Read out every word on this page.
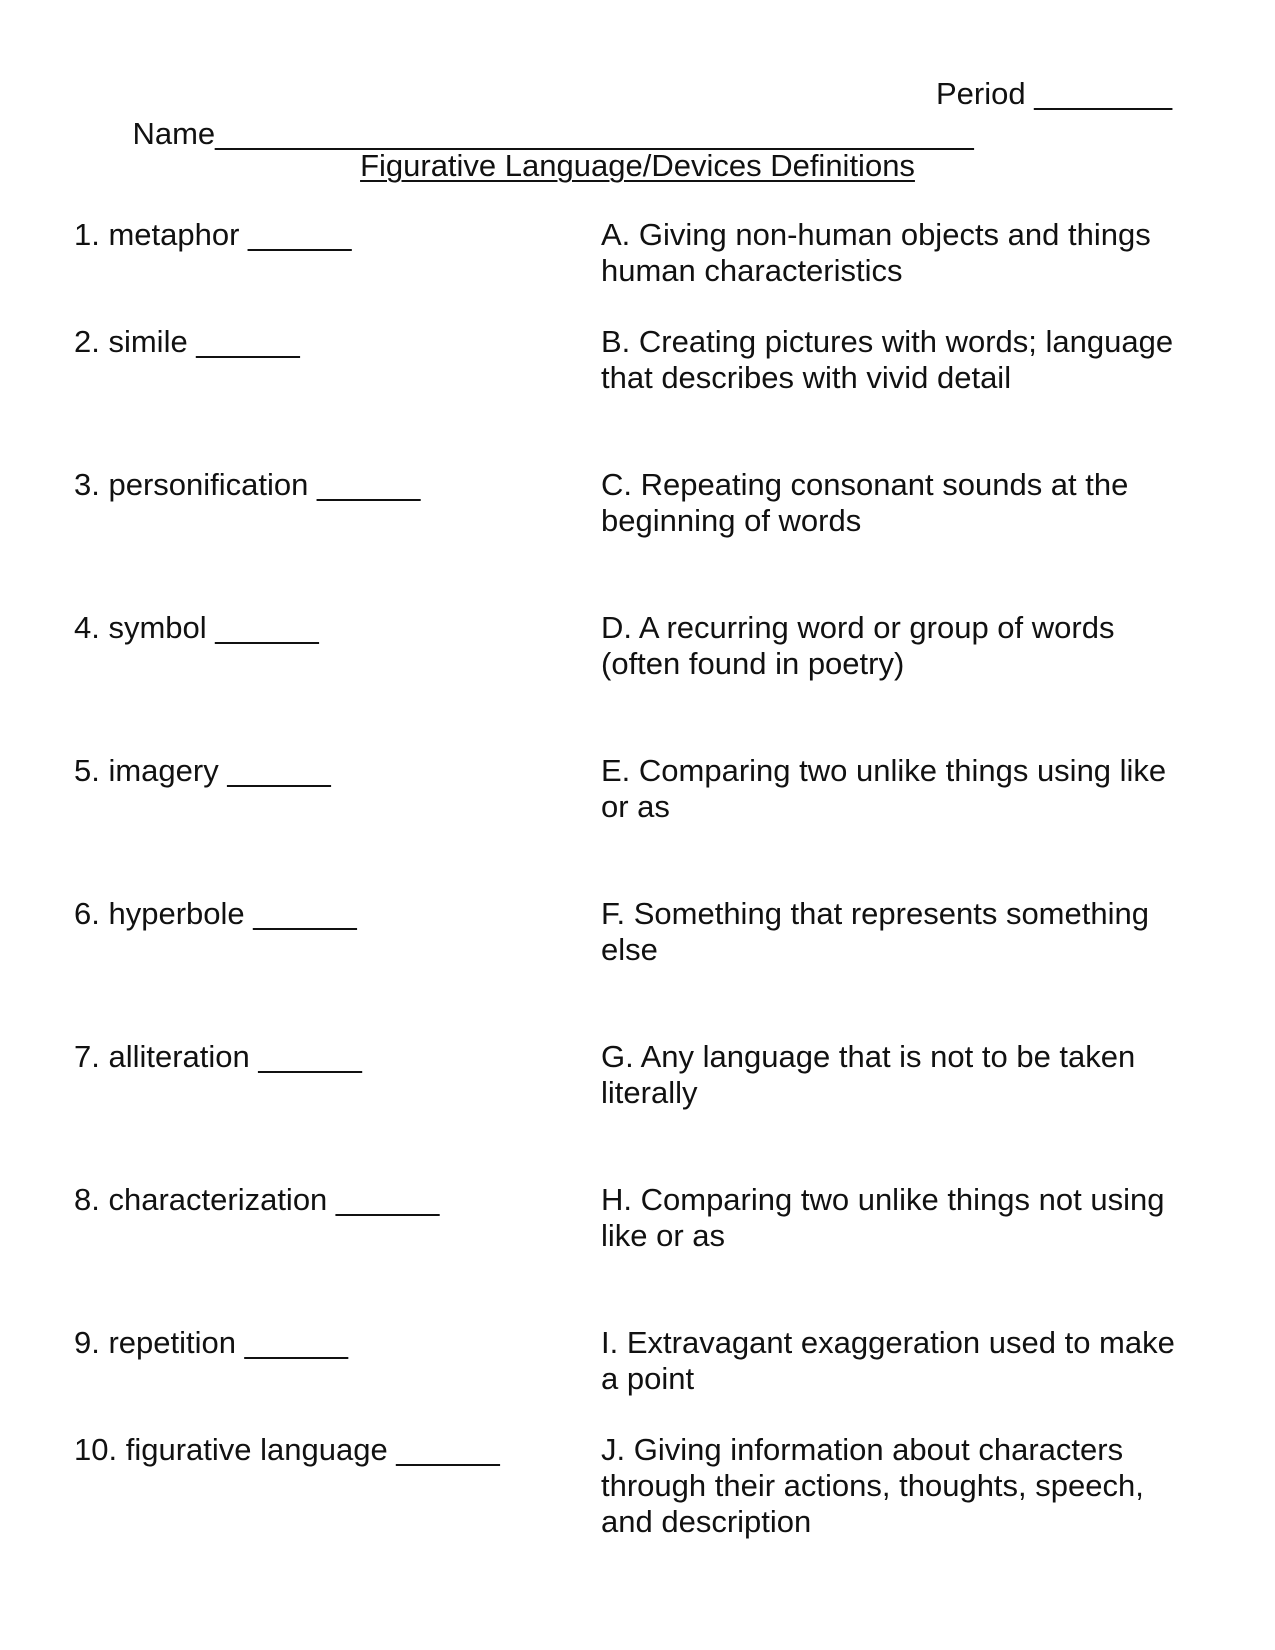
Name____________________________________________

Period ________

Figurative Language/Devices Definitions
1. metaphor ______	A. Giving non-human objects and things human characteristics
2. simile ______	B. Creating pictures with words; language that describes with vivid detail
3. personification ______	C. Repeating consonant sounds at the beginning of words
4. symbol ______	D. A recurring word or group of words (often found in poetry)
5. imagery ______	E. Comparing two unlike things using like or as
6. hyperbole ______	F. Something that represents something else
7. alliteration ______	G. Any language that is not to be taken literally
8. characterization ______	H. Comparing two unlike things not using like or as
9. repetition ______	I. Extravagant exaggeration used to make a point
10. figurative language ______	J. Giving information about characters through their actions, thoughts, speech, and description
